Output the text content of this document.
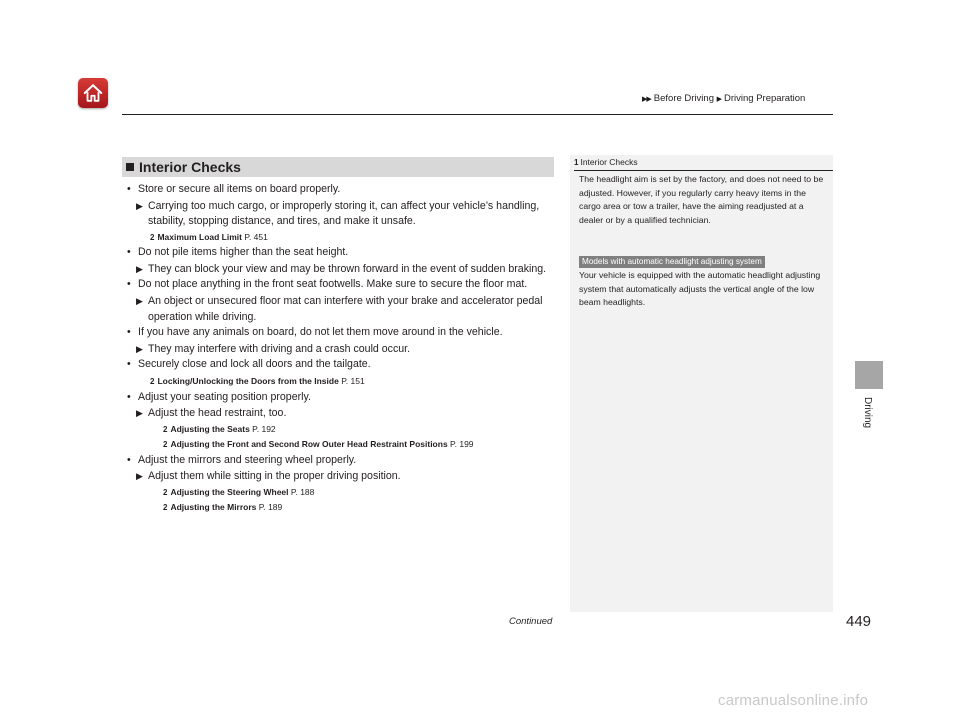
▶▶ Before Driving ▶ Driving Preparation
Interior Checks
• Store or secure all items on board properly.
▶ Carrying too much cargo, or improperly storing it, can affect your vehicle’s handling, stability, stopping distance, and tires, and make it unsafe.
2 Maximum Load Limit P. 451
• Do not pile items higher than the seat height.
▶ They can block your view and may be thrown forward in the event of sudden braking.
• Do not place anything in the front seat footwells. Make sure to secure the floor mat.
▶ An object or unsecured floor mat can interfere with your brake and accelerator pedal operation while driving.
• If you have any animals on board, do not let them move around in the vehicle.
▶ They may interfere with driving and a crash could occur.
• Securely close and lock all doors and the tailgate.
2 Locking/Unlocking the Doors from the Inside P. 151
• Adjust your seating position properly.
▶ Adjust the head restraint, too.
2 Adjusting the Seats P. 192
2 Adjusting the Front and Second Row Outer Head Restraint Positions P. 199
• Adjust the mirrors and steering wheel properly.
▶ Adjust them while sitting in the proper driving position.
2 Adjusting the Steering Wheel P. 188
2 Adjusting the Mirrors P. 189
1 Interior Checks
The headlight aim is set by the factory, and does not need to be adjusted. However, if you regularly carry heavy items in the cargo area or tow a trailer, have the aiming readjusted at a dealer or by a qualified technician.
Models with automatic headlight adjusting system
Your vehicle is equipped with the automatic headlight adjusting system that automatically adjusts the vertical angle of the low beam headlights.
Driving
Continued	449
carmanualsonline.info
